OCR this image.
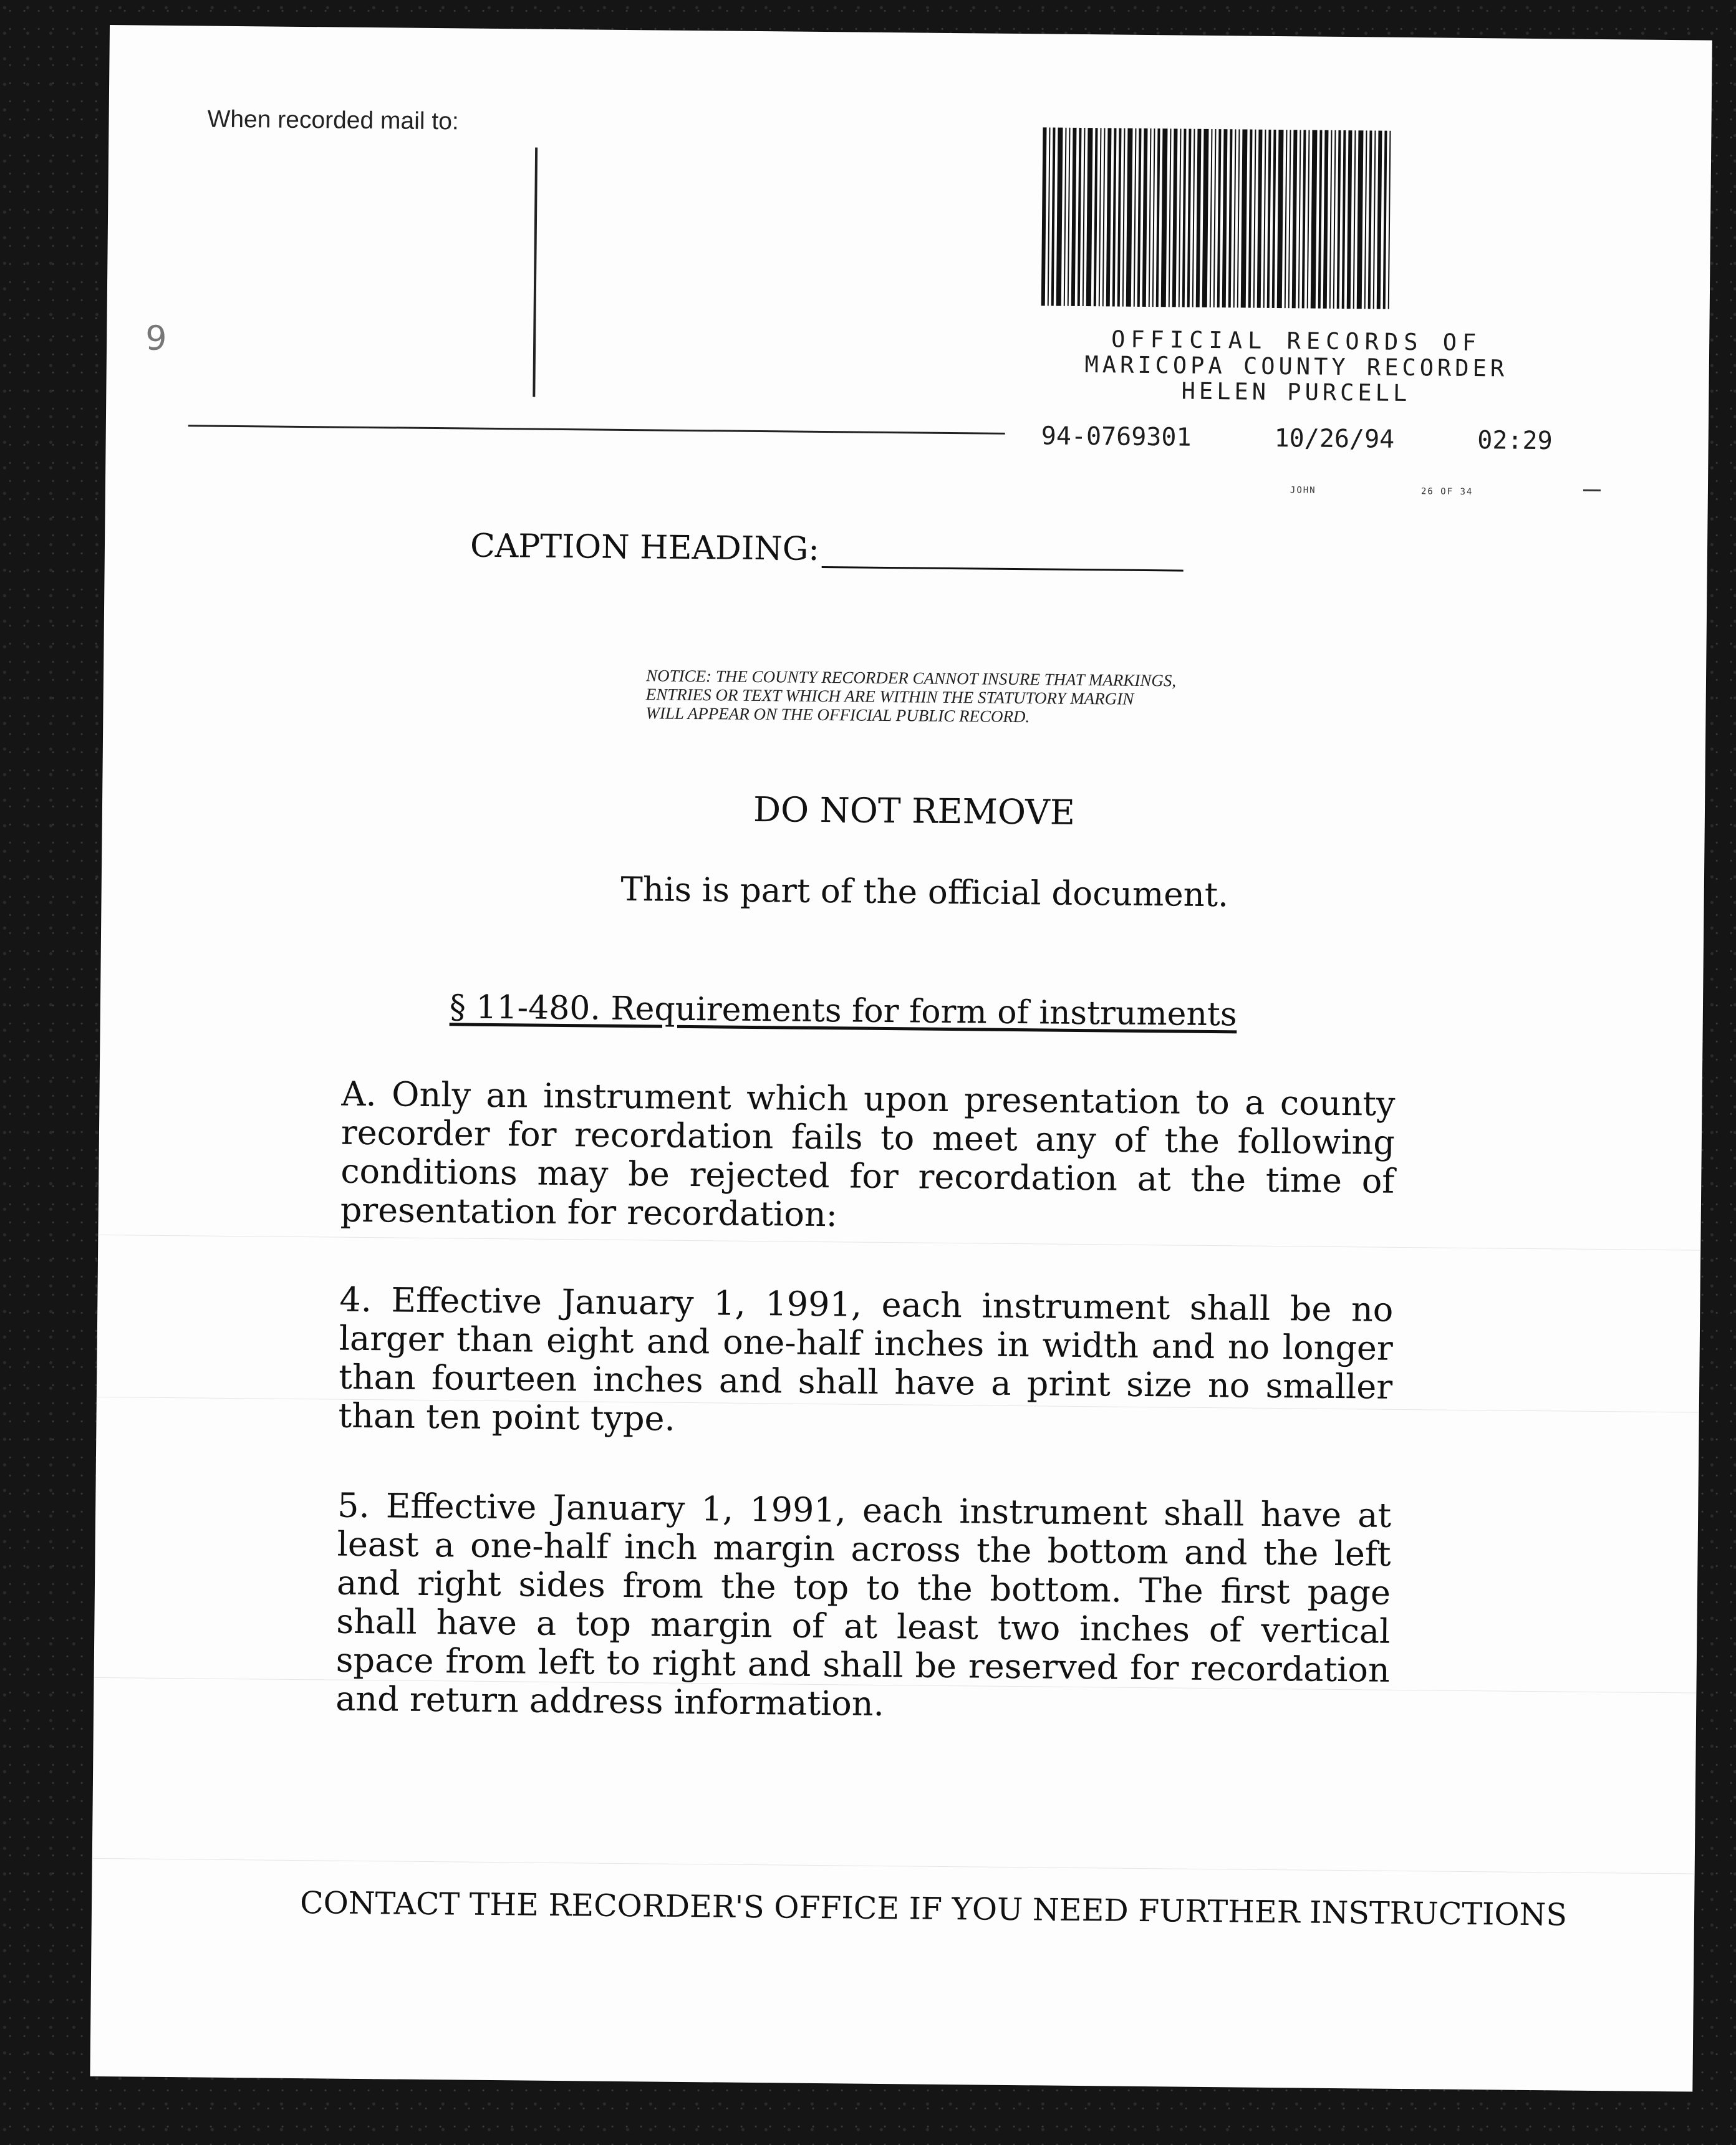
When recorded mail to:
9	OFFICIAL RECORDS OF
MARICOPA COUNTY RECORDER
HELEN PURCELL
94-0769301	10/26/94	02:29
JOHN	26 OF 34
CAPTION HEADING:
NOTICE: THE COUNTY RECORDER CANNOT INSURE THAT MARKINGS,
ENTRIES OR TEXT WHICH ARE WITHIN THE STATUTORY MARGIN
WILL APPEAR ON THE OFFICIAL PUBLIC RECORD.
DO NOT REMOVE
This is part of the official document.
§ 11-480. Requirements for form of instruments
A. Only an instrument which upon presentation to a county recorder for recordation fails to meet any of the following conditions may be rejected for recordation at the time of presentation for recordation:
4. Effective January 1, 1991, each instrument shall be no larger than eight and one-half inches in width and no longer than fourteen inches and shall have a print size no smaller than ten point type.
5. Effective January 1, 1991, each instrument shall have at least a one-half inch margin across the bottom and the left and right sides from the top to the bottom. The first page shall have a top margin of at least two inches of vertical space from left to right and shall be reserved for recordation and return address information.
CONTACT THE RECORDER'S OFFICE IF YOU NEED FURTHER INSTRUCTIONS
